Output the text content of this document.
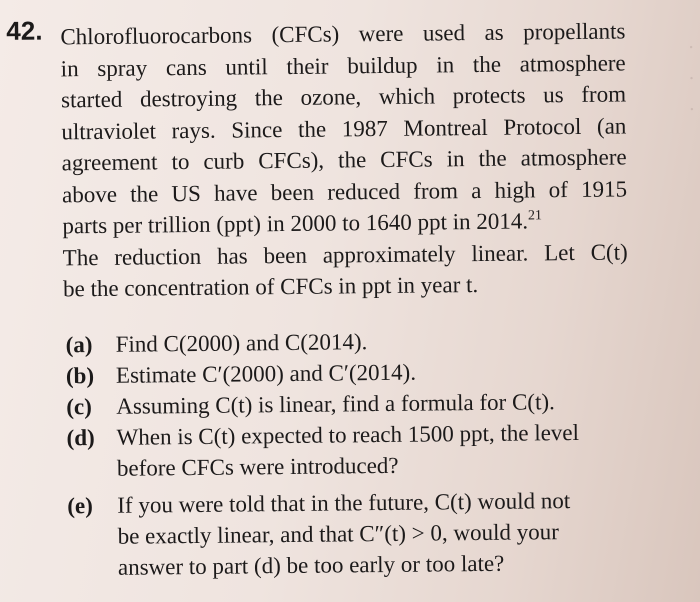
·
·
·
42. Chlorofluorocarbons (CFCs) were used as propellants
in spray cans until their buildup in the atmosphere
started destroying the ozone, which protects us from
ultraviolet rays. Since the 1987 Montreal Protocol (an
agreement to curb CFCs), the CFCs in the atmosphere
above the US have been reduced from a high of 1915
parts per trillion (ppt) in 2000 to 1640 ppt in 2014.21
The reduction has been approximately linear. Let C(t)
be the concentration of CFCs in ppt in year t.
(a) Find C(2000) and C(2014).
(b) Estimate C′(2000) and C′(2014).
(c)	Assuming C(t) is linear, find a formula for C(t).
(d) When is C(t) expected to reach 1500 ppt, the level
before CFCs were introduced?
(e)	If you were told that in the future, C(t) would not
be exactly linear, and that C″(t) > 0, would your
answer to part (d) be too early or too late?
